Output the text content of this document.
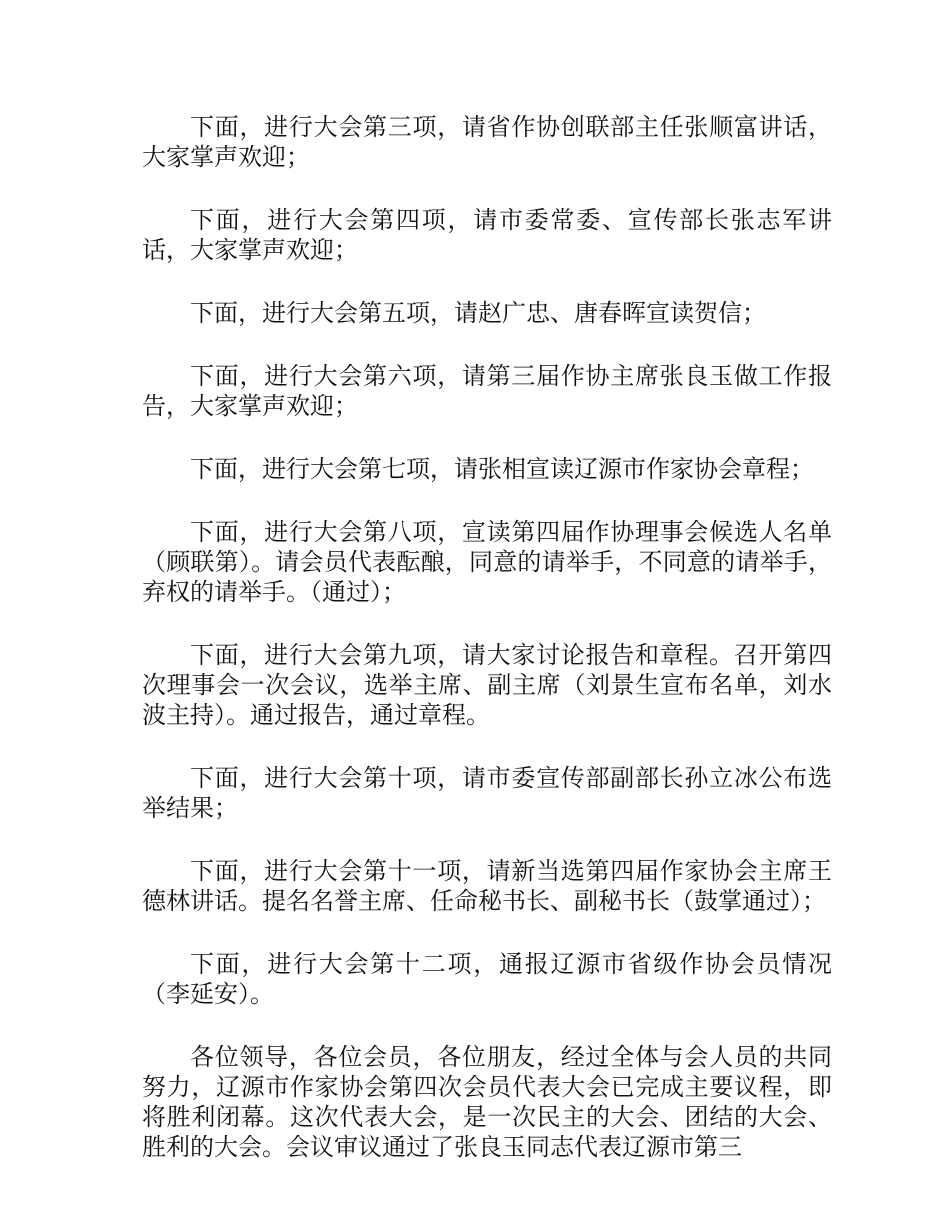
下面，进行大会第三项，请省作协创联部主任张顺富讲话，大家掌声欢迎；

下面，进行大会第四项，请市委常委、宣传部长张志军讲话，大家掌声欢迎；

下面，进行大会第五项，请赵广忠、唐春晖宣读贺信；

下面，进行大会第六项，请第三届作协主席张良玉做工作报告，大家掌声欢迎；

下面，进行大会第七项，请张相宣读辽源市作家协会章程；

下面，进行大会第八项，宣读第四届作协理事会候选人名单（顾联第）。请会员代表酝酿，同意的请举手，不同意的请举手，弃权的请举手。（通过）；

下面，进行大会第九项，请大家讨论报告和章程。召开第四次理事会一次会议，选举主席、副主席（刘景生宣布名单，刘水波主持）。通过报告，通过章程。

下面，进行大会第十项，请市委宣传部副部长孙立冰公布选举结果；

下面，进行大会第十一项，请新当选第四届作家协会主席王德林讲话。提名名誉主席、任命秘书长、副秘书长（鼓掌通过）；

下面，进行大会第十二项，通报辽源市省级作协会员情况（李延安）。

各位领导，各位会员，各位朋友，经过全体与会人员的共同努力，辽源市作家协会第四次会员代表大会已完成主要议程，即将胜利闭幕。这次代表大会，是一次民主的大会、团结的大会、胜利的大会。会议审议通过了张良玉同志代表辽源市第三
